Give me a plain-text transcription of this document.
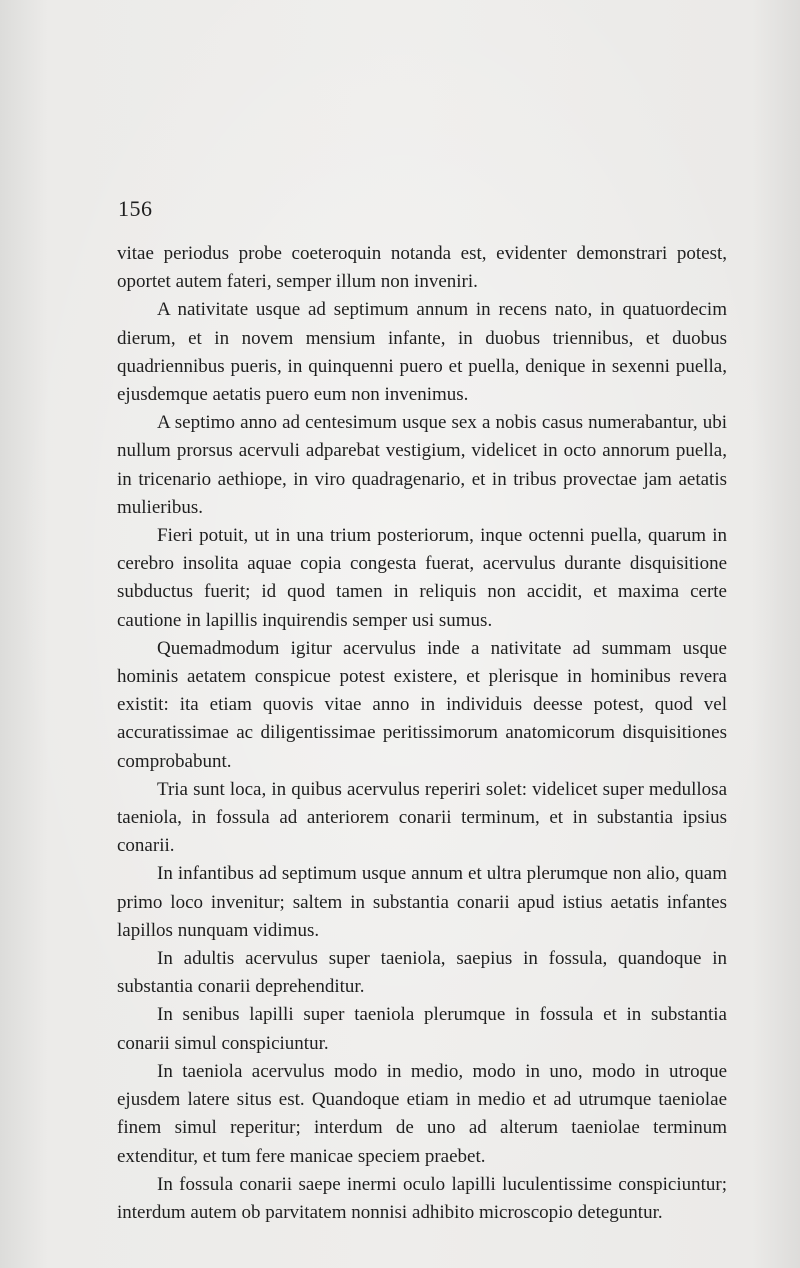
156

vitae periodus probe coeteroquin notanda est, evidenter demonstrari potest, oportet autem fateri, semper illum non inveniri.

A nativitate usque ad septimum annum in recens nato, in quatuordecim dierum, et in novem mensium infante, in duobus triennibus, et duobus quadriennibus pueris, in quinquenni puero et puella, denique in sexenni puella, ejusdemque aetatis puero eum non invenimus.

A septimo anno ad centesimum usque sex a nobis casus numerabantur, ubi nullum prorsus acervuli adparebat vestigium, videlicet in octo annorum puella, in tricenario aethiope, in viro quadragenario, et in tribus provectae jam aetatis mulieribus.

Fieri potuit, ut in una trium posteriorum, inque octenni puella, quarum in cerebro insolita aquae copia congesta fuerat, acervulus durante disquisitione subductus fuerit; id quod tamen in reliquis non accidit, et maxima certe cautione in lapillis inquirendis semper usi sumus.

Quemadmodum igitur acervulus inde a nativitate ad summam usque hominis aetatem conspicue potest existere, et plerisque in hominibus revera existit: ita etiam quovis vitae anno in individuis deesse potest, quod vel accuratissimae ac diligentissimae peritissimorum anatomicorum disquisitiones comprobabunt.

Tria sunt loca, in quibus acervulus reperiri solet: videlicet super medullosa taeniola, in fossula ad anteriorem conarii terminum, et in substantia ipsius conarii.

In infantibus ad septimum usque annum et ultra plerumque non alio, quam primo loco invenitur; saltem in substantia conarii apud istius aetatis infantes lapillos nunquam vidimus.

In adultis acervulus super taeniola, saepius in fossula, quandoque in substantia conarii deprehenditur.

In senibus lapilli super taeniola plerumque in fossula et in substantia conarii simul conspiciuntur.

In taeniola acervulus modo in medio, modo in uno, modo in utroque ejusdem latere situs est. Quandoque etiam in medio et ad utrumque taeniolae finem simul reperitur; interdum de uno ad alterum taeniolae terminum extenditur, et tum fere manicae speciem praebet.

In fossula conarii saepe inermi oculo lapilli luculentissime conspiciuntur; interdum autem ob parvitatem nonnisi adhibito microscopio deteguntur.
